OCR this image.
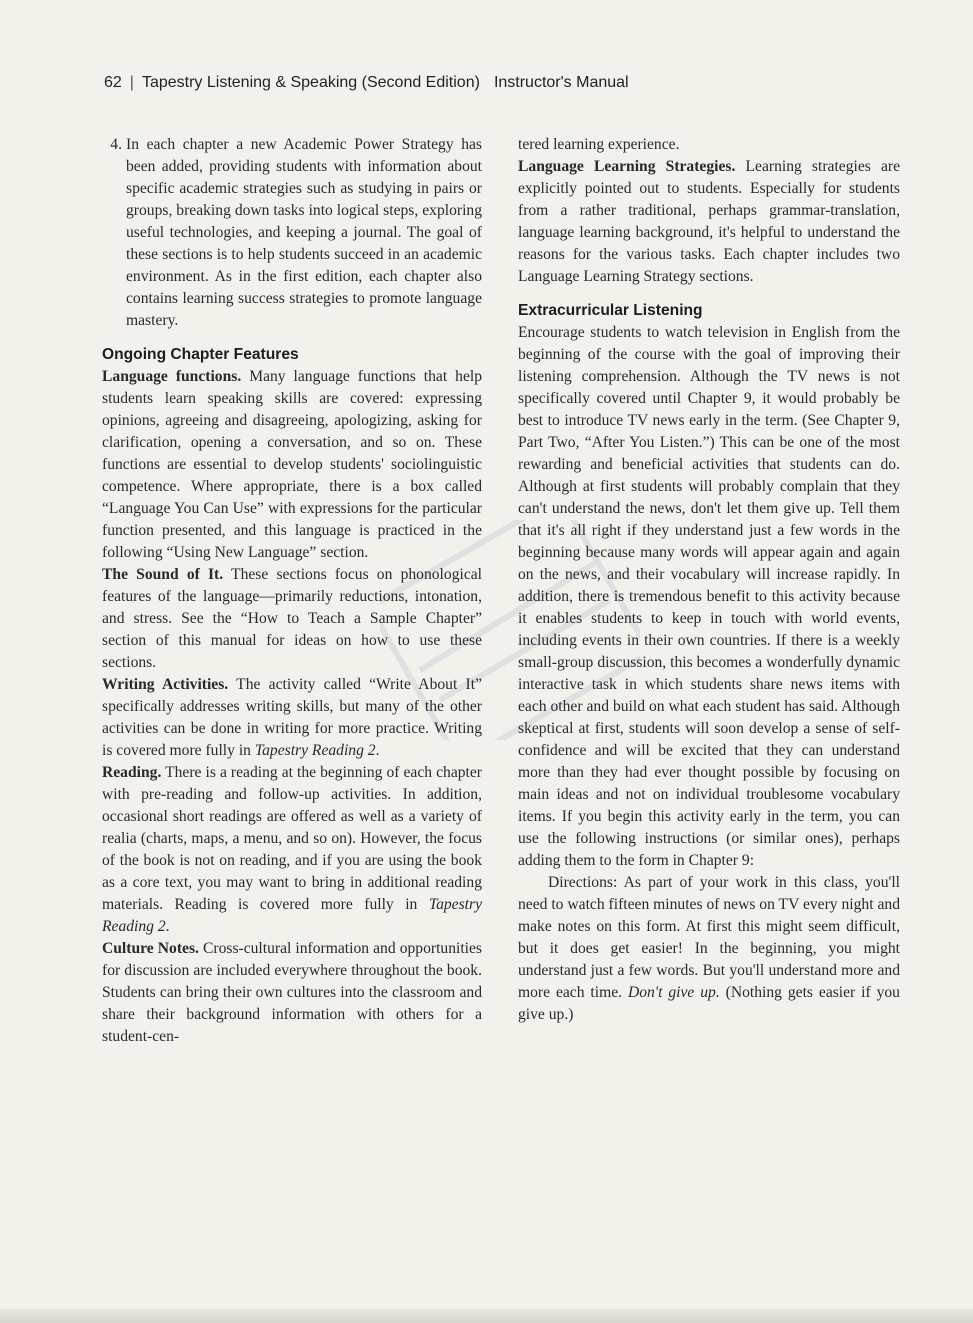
62 | Tapestry Listening & Speaking (Second Edition) Instructor's Manual
4. In each chapter a new Academic Power Strategy has been added, providing students with information about specific academic strategies such as studying in pairs or groups, breaking down tasks into logical steps, exploring useful technologies, and keeping a journal. The goal of these sections is to help students succeed in an academic environment. As in the first edition, each chapter also contains learning success strategies to promote language mastery.
Ongoing Chapter Features

Language functions. Many language functions that help students learn speaking skills are covered: expressing opinions, agreeing and disagreeing, apologizing, asking for clarification, opening a conversation, and so on. These functions are essential to develop students' sociolinguistic competence. Where appropriate, there is a box called “Language You Can Use” with expressions for the particular function presented, and this language is practiced in the following “Using New Language” section.

The Sound of It. These sections focus on phonological features of the language—primarily reductions, intonation, and stress. See the “How to Teach a Sample Chapter” section of this manual for ideas on how to use these sections.

Writing Activities. The activity called “Write About It” specifically addresses writing skills, but many of the other activities can be done in writing for more practice. Writing is covered more fully in Tapestry Reading 2.

Reading. There is a reading at the beginning of each chapter with pre-reading and follow-up activities. In addition, occasional short readings are offered as well as a variety of realia (charts, maps, a menu, and so on). However, the focus of the book is not on reading, and if you are using the book as a core text, you may want to bring in additional reading materials. Reading is covered more fully in Tapestry Reading 2.

Culture Notes. Cross-cultural information and opportunities for discussion are included everywhere throughout the book. Students can bring their own cultures into the classroom and share their background information with others for a student-cen-

tered learning experience.

Language Learning Strategies. Learning strategies are explicitly pointed out to students. Especially for students from a rather traditional, perhaps grammar-translation, language learning background, it's helpful to understand the reasons for the various tasks. Each chapter includes two Language Learning Strategy sections.

Extracurricular Listening

Encourage students to watch television in English from the beginning of the course with the goal of improving their listening comprehension. Although the TV news is not specifically covered until Chapter 9, it would probably be best to introduce TV news early in the term. (See Chapter 9, Part Two, “After You Listen.”) This can be one of the most rewarding and beneficial activities that students can do. Although at first students will probably complain that they can't understand the news, don't let them give up. Tell them that it's all right if they understand just a few words in the beginning because many words will appear again and again on the news, and their vocabulary will increase rapidly. In addition, there is tremendous benefit to this activity because it enables students to keep in touch with world events, including events in their own countries. If there is a weekly small-group discussion, this becomes a wonderfully dynamic interactive task in which students share news items with each other and build on what each student has said. Although skeptical at first, students will soon develop a sense of self-confidence and will be excited that they can understand more than they had ever thought possible by focusing on main ideas and not on individual troublesome vocabulary items. If you begin this activity early in the term, you can use the following instructions (or similar ones), perhaps adding them to the form in Chapter 9:

Directions: As part of your work in this class, you'll need to watch fifteen minutes of news on TV every night and make notes on this form. At first this might seem difficult, but it does get easier! In the beginning, you might understand just a few words. But you'll understand more and more each time. Don't give up. (Nothing gets easier if you give up.)
